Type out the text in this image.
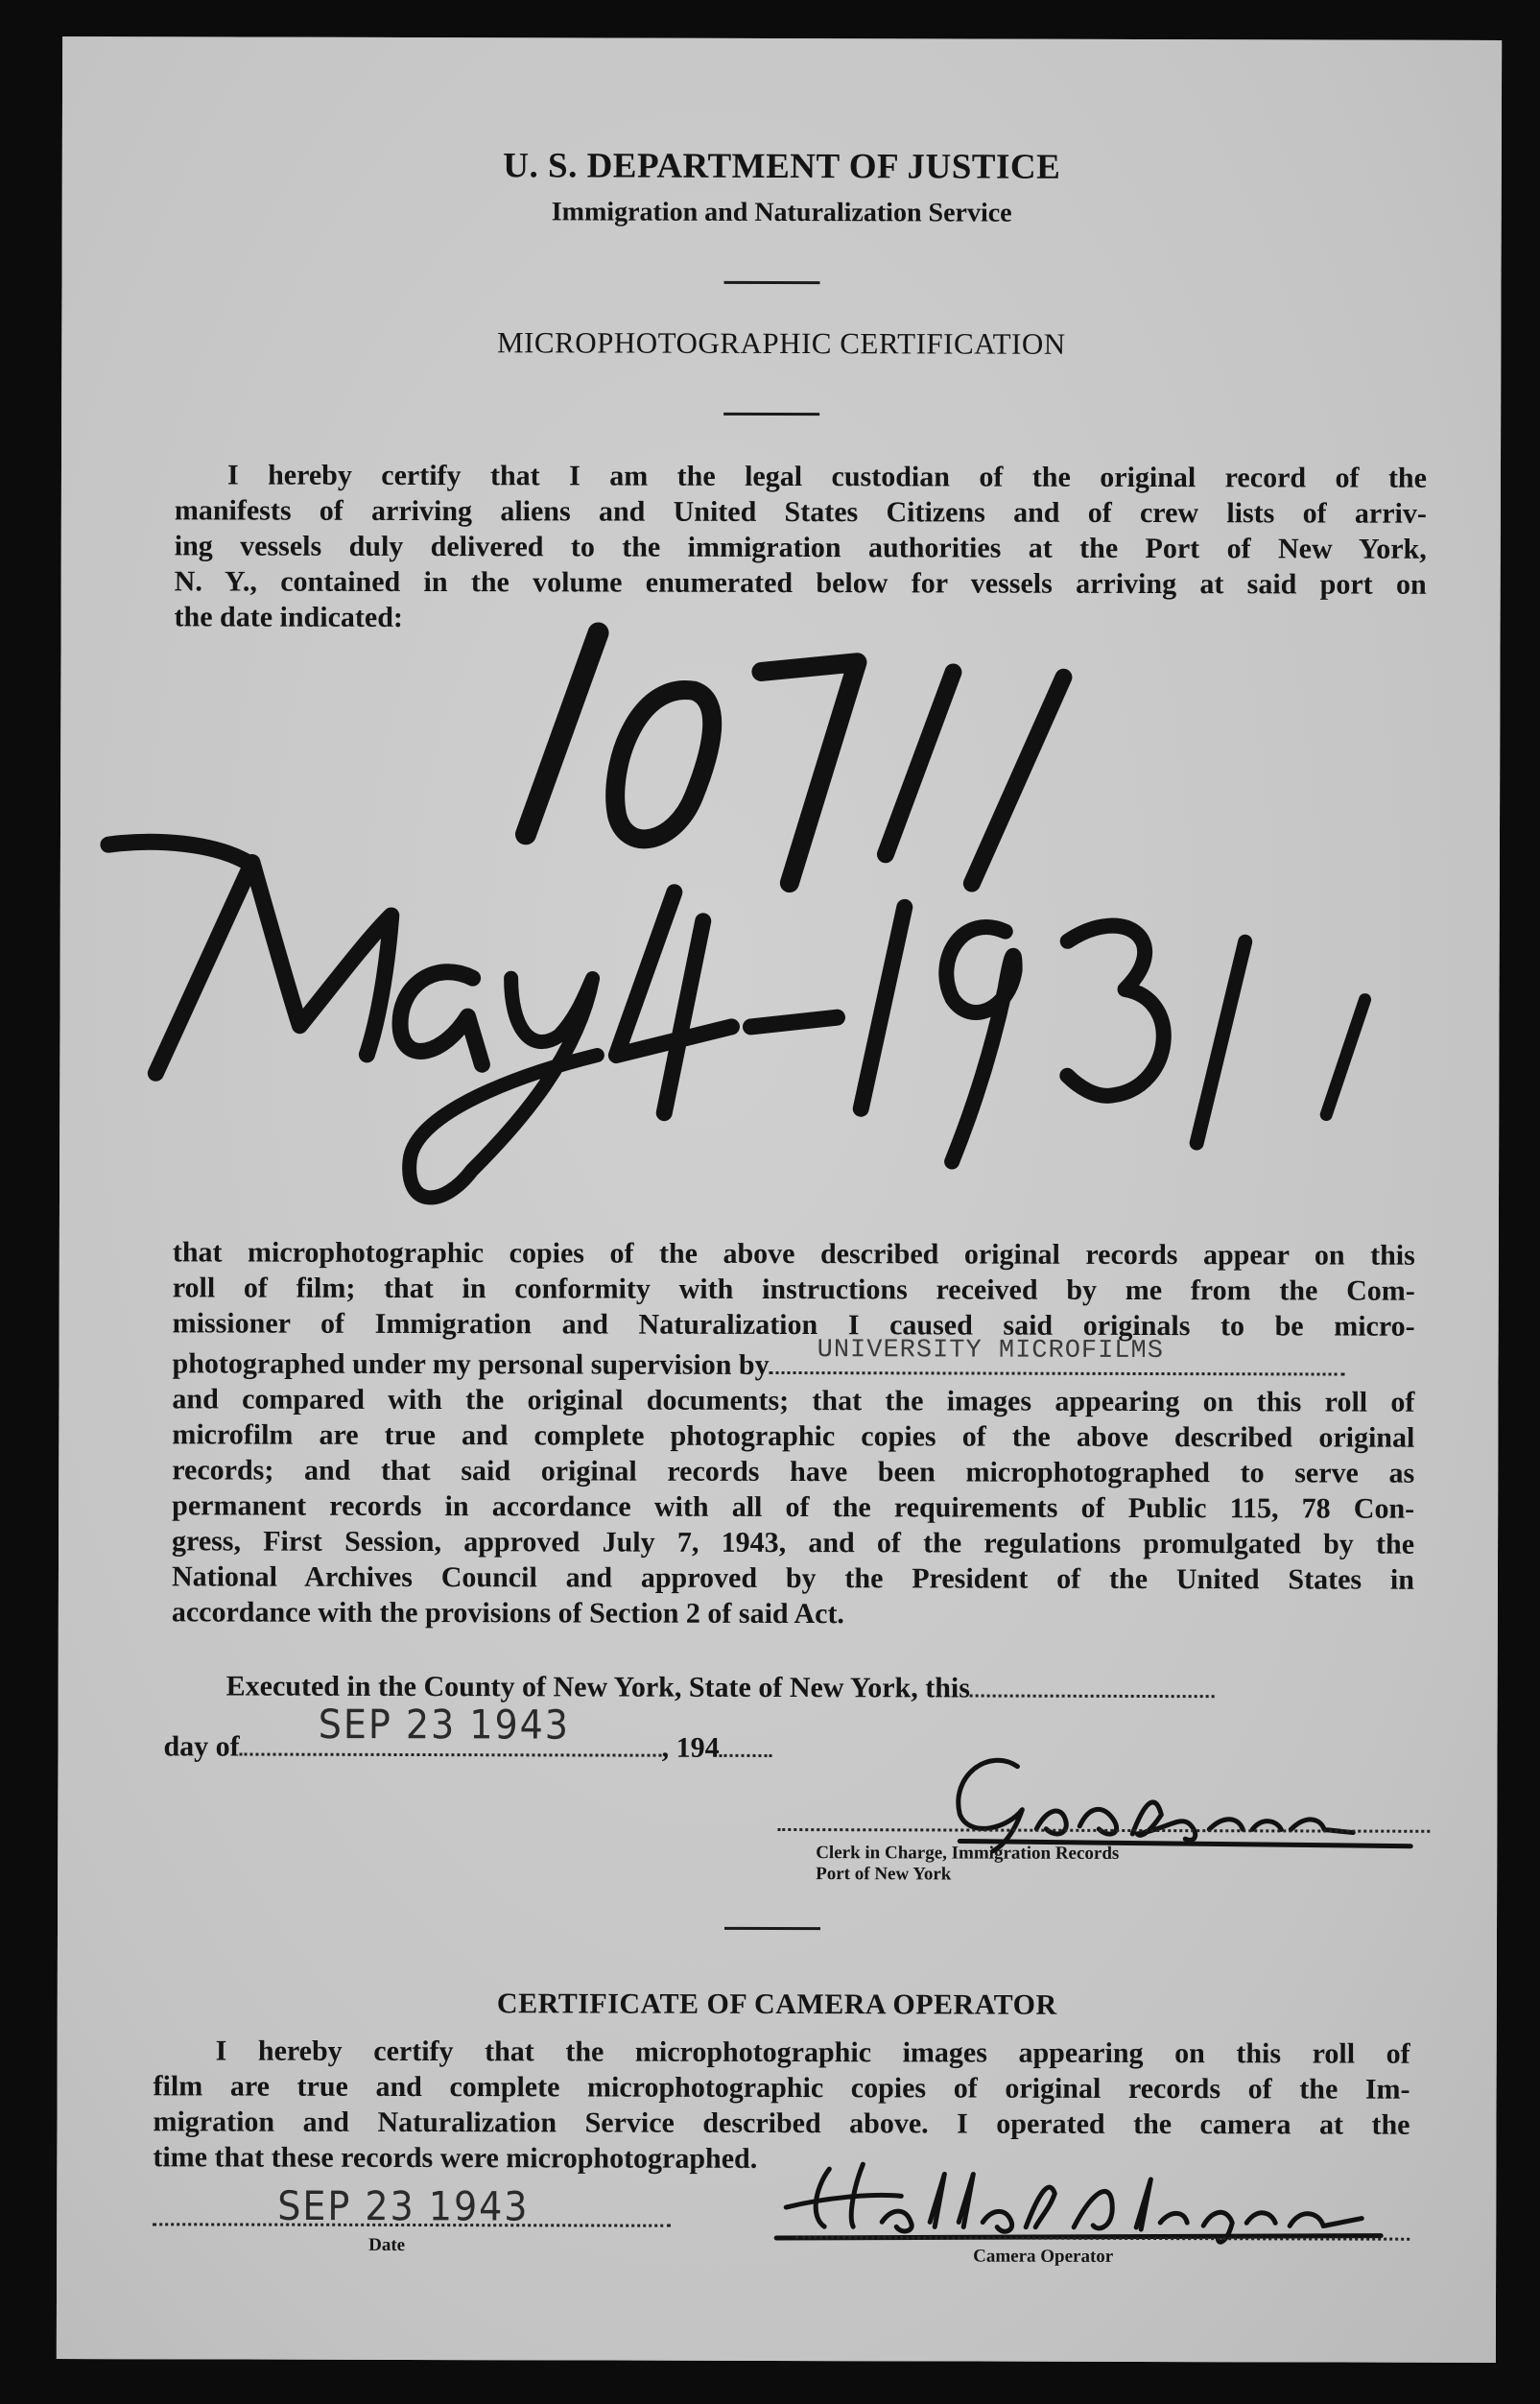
U. S. DEPARTMENT OF JUSTICE
Immigration and Naturalization Service
MICROPHOTOGRAPHIC CERTIFICATION
I hereby certify that I am the legal custodian of the original record of the
manifests of arriving aliens and United States Citizens and of crew lists of arriv-
ing vessels duly delivered to the immigration authorities at the Port of New York,
N. Y., contained in the volume enumerated below for vessels arriving at said port on
the date indicated:
that microphotographic copies of the above described original records appear on this
roll of film; that in conformity with instructions received by me from the Com-
missioner of Immigration and Naturalization I caused said originals to be micro-
photographed under my personal supervision by UNIVERSITY MICROFILMS
and compared with the original documents; that the images appearing on this roll of
microfilm are true and complete photographic copies of the above described original
records; and that said original records have been microphotographed to serve as
permanent records in accordance with all of the requirements of Public 115, 78 Con-
gress, First Session, approved July 7, 1943, and of the regulations promulgated by the
National Archives Council and approved by the President of the United States in
accordance with the provisions of Section 2 of said Act.
Executed in the County of New York, State of New York, this
day of SEP 23 1943	, 194
Clerk in Charge, Immigration Records
Port of New York
CERTIFICATE OF CAMERA OPERATOR
I hereby certify that the microphotographic images appearing on this roll of
film are true and complete microphotographic copies of original records of the Im-
migration and Naturalization Service described above. I operated the camera at the
time that these records were microphotographed.
SEP 23 1943
Date
Camera Operator
